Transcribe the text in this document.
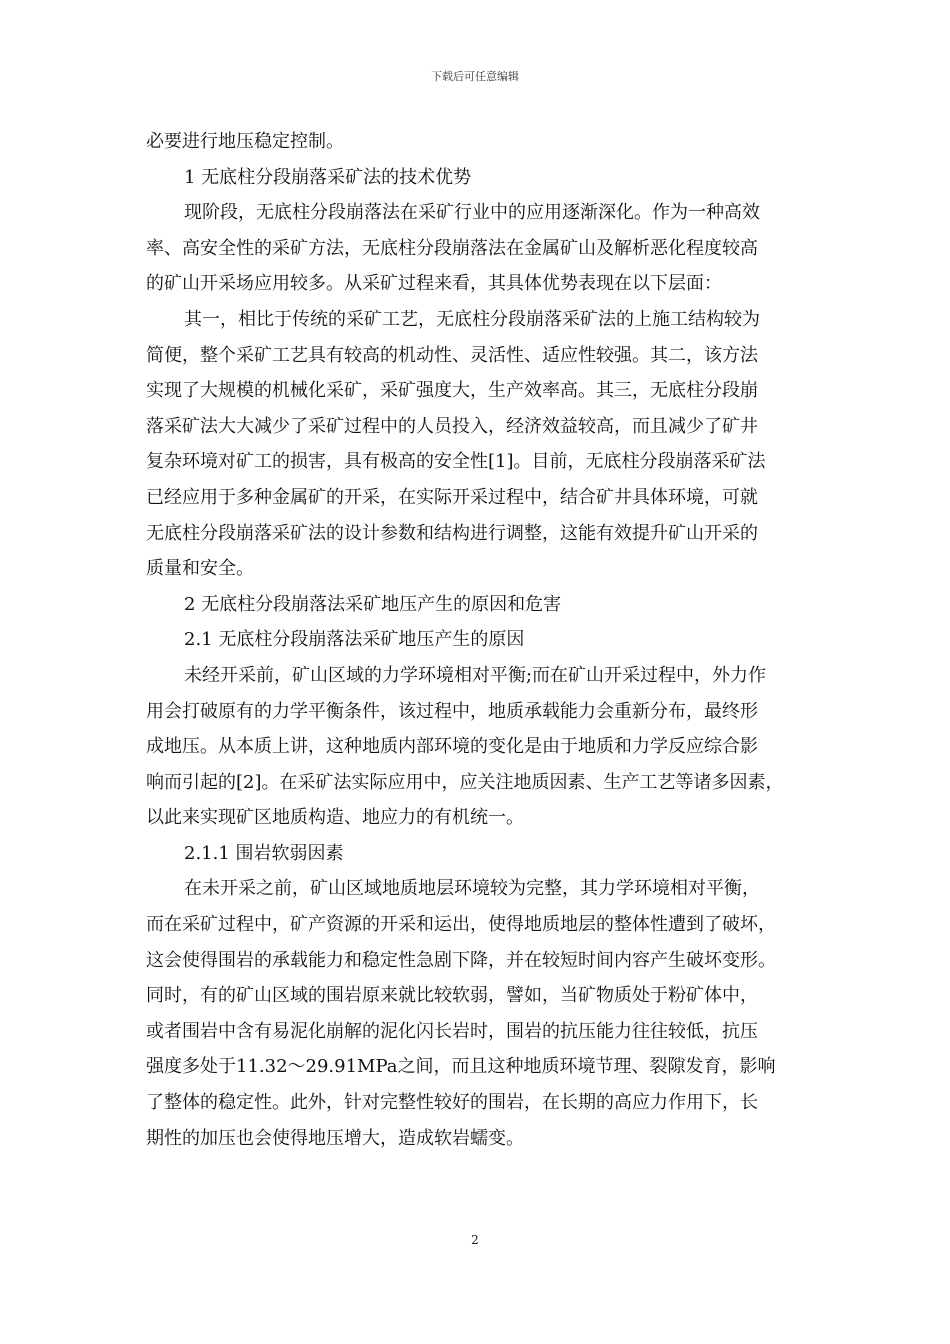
下载后可任意编辑
必要进行地压稳定控制。
1 无底柱分段崩落采矿法的技术优势
现阶段，无底柱分段崩落法在采矿行业中的应用逐渐深化。作为一种高效
率、高安全性的采矿方法，无底柱分段崩落法在金属矿山及解析恶化程度较高
的矿山开采场应用较多。从采矿过程来看，其具体优势表现在以下层面：
其一，相比于传统的采矿工艺，无底柱分段崩落采矿法的上施工结构较为
简便，整个采矿工艺具有较高的机动性、灵活性、适应性较强。其二，该方法
实现了大规模的机械化采矿，采矿强度大，生产效率高。其三，无底柱分段崩
落采矿法大大减少了采矿过程中的人员投入，经济效益较高，而且减少了矿井
复杂环境对矿工的损害，具有极高的安全性[1]。目前，无底柱分段崩落采矿法
已经应用于多种金属矿的开采，在实际开采过程中，结合矿井具体环境，可就
无底柱分段崩落采矿法的设计参数和结构进行调整，这能有效提升矿山开采的
质量和安全。
2 无底柱分段崩落法采矿地压产生的原因和危害
2.1 无底柱分段崩落法采矿地压产生的原因
未经开采前，矿山区域的力学环境相对平衡;而在矿山开采过程中，外力作
用会打破原有的力学平衡条件，该过程中，地质承载能力会重新分布，最终形
成地压。从本质上讲，这种地质内部环境的变化是由于地质和力学反应综合影
响而引起的[2]。在采矿法实际应用中，应关注地质因素、生产工艺等诸多因素，
以此来实现矿区地质构造、地应力的有机统一。
2.1.1 围岩软弱因素
在未开采之前，矿山区域地质地层环境较为完整，其力学环境相对平衡，
而在采矿过程中，矿产资源的开采和运出，使得地质地层的整体性遭到了破坏，
这会使得围岩的承载能力和稳定性急剧下降，并在较短时间内容产生破坏变形。
同时，有的矿山区域的围岩原来就比较软弱，譬如，当矿物质处于粉矿体中，
或者围岩中含有易泥化崩解的泥化闪长岩时，围岩的抗压能力往往较低，抗压
强度多处于11.32～29.91MPa之间，而且这种地质环境节理、裂隙发育，影响
了整体的稳定性。此外，针对完整性较好的围岩，在长期的高应力作用下，长
期性的加压也会使得地压增大，造成软岩蠕变。
2
